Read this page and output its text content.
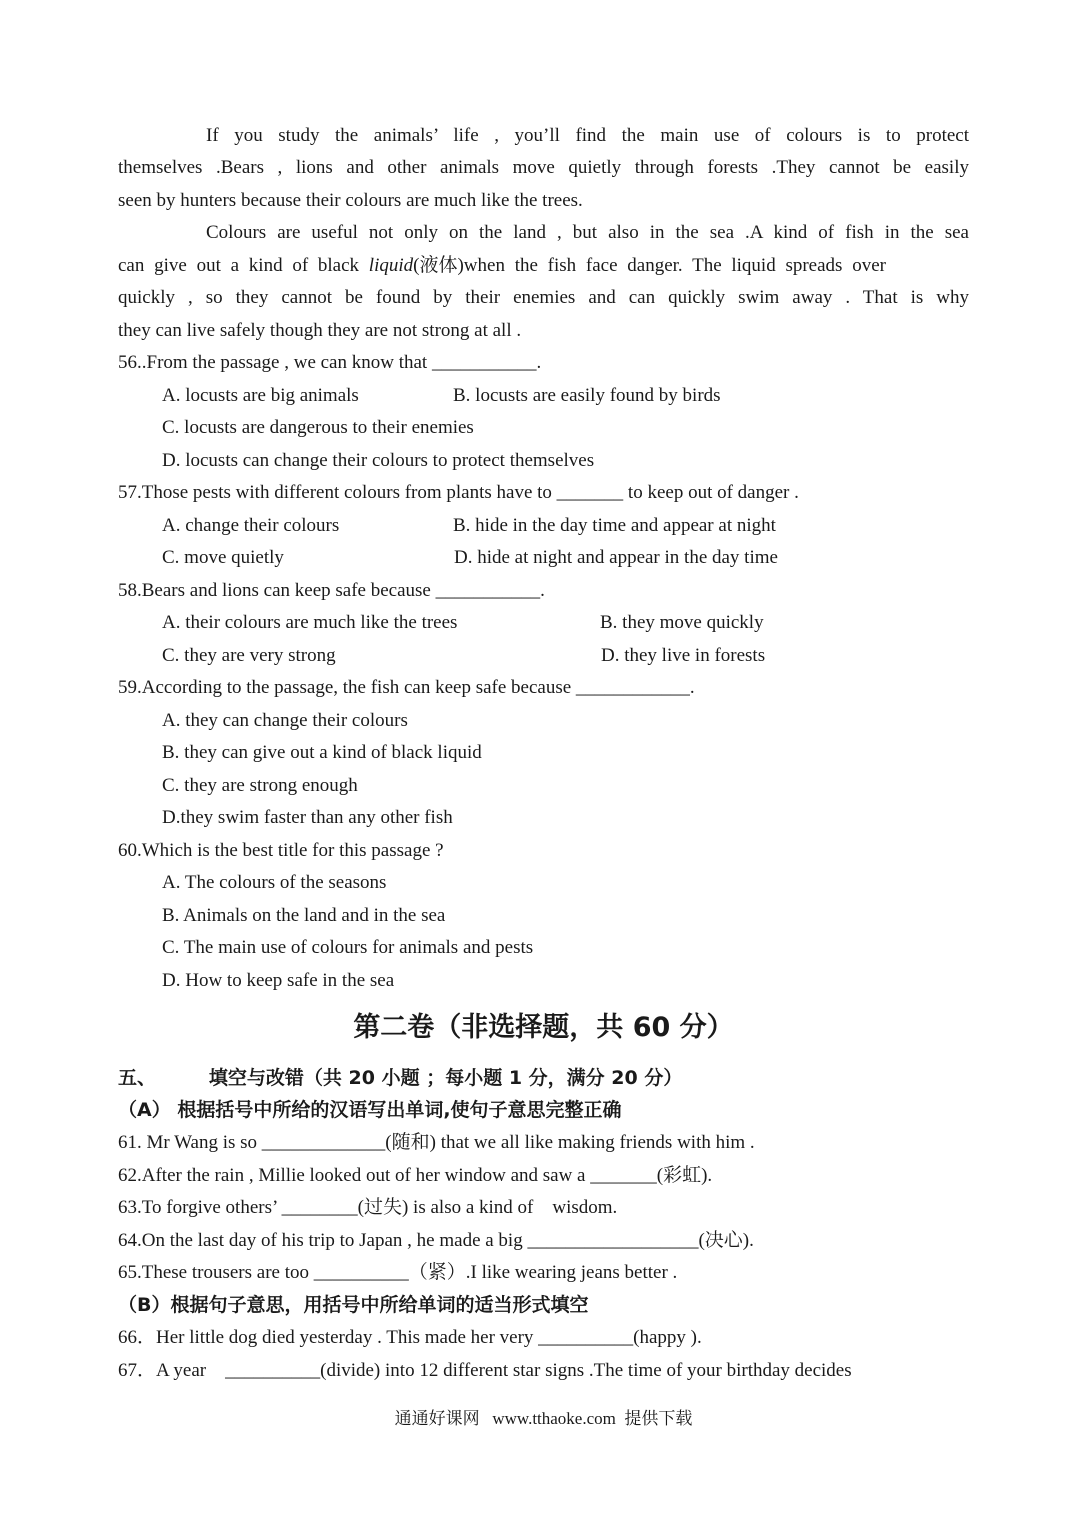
If you study the animals’ life , you’ll find the main use of colours is to protect
themselves .Bears , lions and other animals move quietly through forests .They cannot be easily
seen by hunters because their colours are much like the trees.
Colours are useful not only on the land , but also in the sea .A kind of fish in the sea
can give out a kind of black liquid(液体)when the fish face danger. The liquid spreads over
quickly , so they cannot be found by their enemies and can quickly swim away . That is why
they can live safely though they are not strong at all .
56..From the passage , we can know that ___________.
A. locusts are big animals	B. locusts are easily found by birds
C. locusts are dangerous to their enemies
D. locusts can change their colours to protect themselves
57.Those pests with different colours from plants have to _______ to keep out of danger .
A. change their colours	B. hide in the day time and appear at night
C. move quietly	D. hide at night and appear in the day time
58.Bears and lions can keep safe because ___________.
A. their colours are much like the trees	B. they move quickly
C. they are very strong	D. they live in forests
59.According to the passage, the fish can keep safe because ____________.
A. they can change their colours
B. they can give out a kind of black liquid
C. they are strong enough
D.they swim faster than any other fish
60.Which is the best title for this passage ?
A. The colours of the seasons
B. Animals on the land and in the sea
C. The main use of colours for animals and pests
D. How to keep safe in the sea
第二卷（非选择题，共 60 分）
五、        填空与改错（共 20 小题 ；每小题 1 分，满分 20 分）
（A） 根据括号中所给的汉语写出单词,使句子意思完整正确
61. Mr Wang is so _____________(随和) that we all like making friends with him .
62.After the rain , Millie looked out of her window and saw a _______(彩虹).
63.To forgive others’ ________(过失) is also a kind of    wisdom.
64.On the last day of his trip to Japan , he made a big __________________(决心).
65.These trousers are too __________（紧）.I like wearing jeans better .
（B）根据句子意思，用括号中所给单词的适当形式填空
66．Her little dog died yesterday . This made her very __________(happy ).
67．A year    __________(divide) into 12 different star signs .The time of your birthday decides
通通好课网   www.tthaoke.com  提供下载
